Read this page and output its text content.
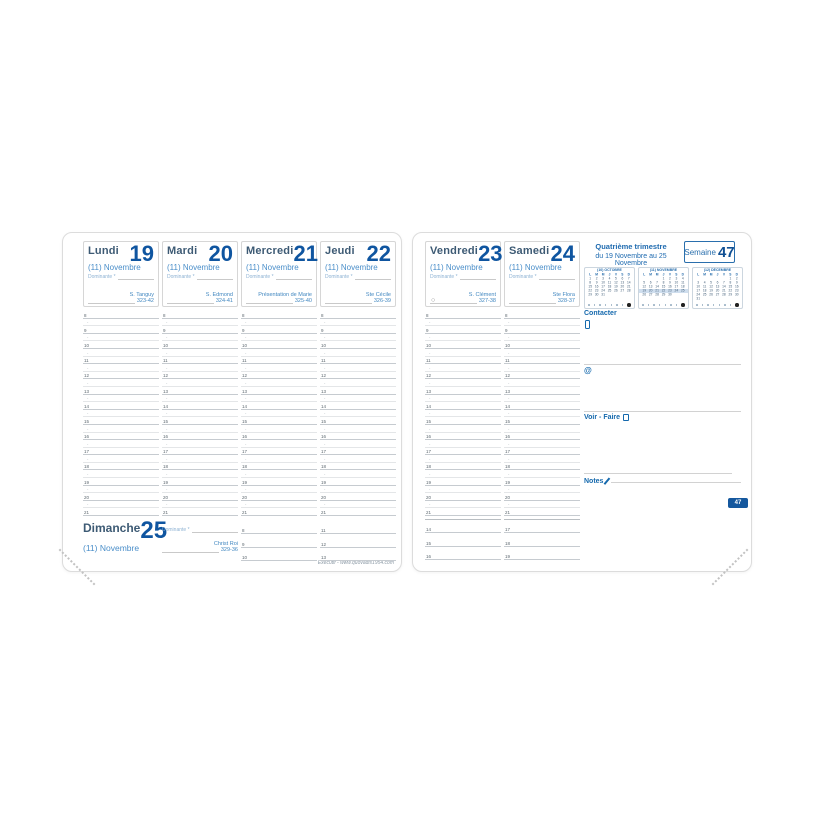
Executif - www.quovadis1954.com
Lundi 19
(11) Novembre
Dominante *
S. Tanguy
323-42
8
·
9
·
10
·
11
·
12
·
13
·
14
·
15
·
16
·
17
·
18
·
19
·
20
·
21
Mardi 20
(11) Novembre
Dominante *
S. Edmond
324-41
8
·
9
·
10
·
11
·
12
·
13
·
14
·
15
·
16
·
17
·
18
·
19
·
20
·
21
Mercredi 21
(11) Novembre
Dominante *
Présentation de Marie
325-40
8
·
9
·
10
·
11
·
12
·
13
·
14
·
15
·
16
·
17
·
18
·
19
·
20
·
21
Jeudi 22
(11) Novembre
Dominante *
Ste Cécile
326-39
8
·
9
·
10
·
11
·
12
·
13
·
14
·
15
·
16
·
17
·
18
·
19
·
20
·
21
Dimanche 25
(11) Novembre
Dominante *
Christ Roi
329-36
8
9
10
11
12
13
Quatrième trimestre
du 19 Novembre au 25 Novembre
Semaine 47
Contacter
@
Voir - Faire
Notes
47
Vendredi 23
(11) Novembre
Dominante *
S. Clément
327-38
○
8
·
9
·
10
·
11
·
12
·
13
·
14
·
15
·
16
·
17
·
18
·
19
·
20
·
21
14
15
16
Samedi 24
(11) Novembre
Dominante *
Ste Flora
328-37
8
·
9
·
10
·
11
·
12
·
13
·
14
·
15
·
16
·
17
·
18
·
19
·
20
·
21
17
18
19
(10) OCTOBRE
L M M J V S D
1 2 3 4 5 6 7
8 9 10 11 12 13 14
15 16 17 18 19 20 21
22 23 24 25 26 27 28
29 30 31
(11) NOVEMBRE
L M M J V S D
1 2 3 4
5 6 7 8 9 10 11
12 13 14 15 16 17 18
19 20 21 22 23 24 25
26 27 28 29 30
(12) DÉCEMBRE
L M M J V S D
1 2
3 4 5 6 7 8 9
10 11 12 13 14 15 16
17 18 19 20 21 22 23
24 25 26 27 28 29 30
31
